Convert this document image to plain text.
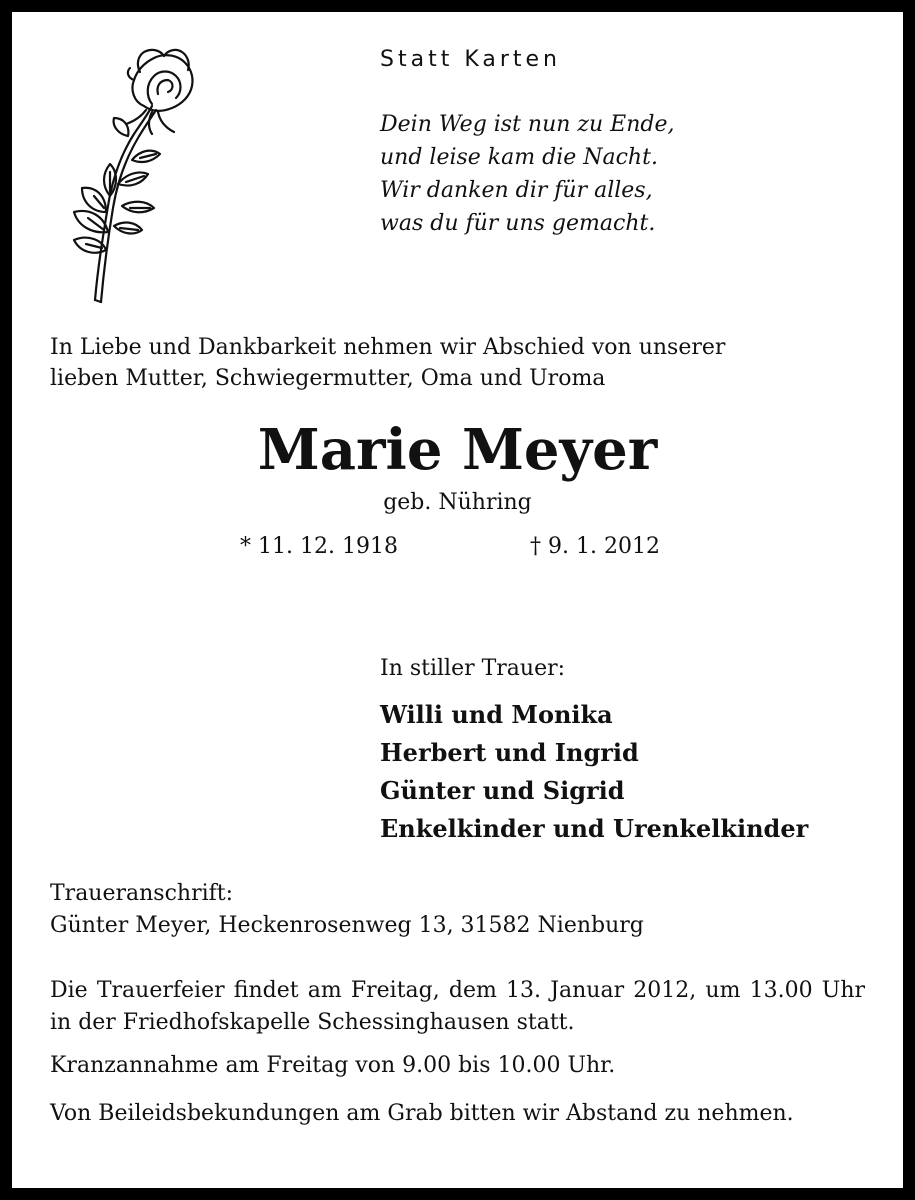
Statt Karten
Dein Weg ist nun zu Ende,
und leise kam die Nacht.
Wir danken dir für alles,
was du für uns gemacht.
In Liebe und Dankbarkeit nehmen wir Abschied von unserer
lieben Mutter, Schwiegermutter, Oma und Uroma
Marie Meyer
geb. Nühring
* 11. 12. 1918	† 9. 1. 2012
In stiller Trauer:
Willi und Monika
Herbert und Ingrid
Günter und Sigrid
Enkelkinder und Urenkelkinder
Traueranschrift:
Günter Meyer, Heckenrosenweg 13, 31582 Nienburg
Die Trauerfeier findet am Freitag, dem 13. Januar 2012, um 13.00 Uhr in der Friedhofskapelle Schessinghausen statt.
Kranzannahme am Freitag von 9.00 bis 10.00 Uhr.
Von Beileidsbekundungen am Grab bitten wir Abstand zu nehmen.
